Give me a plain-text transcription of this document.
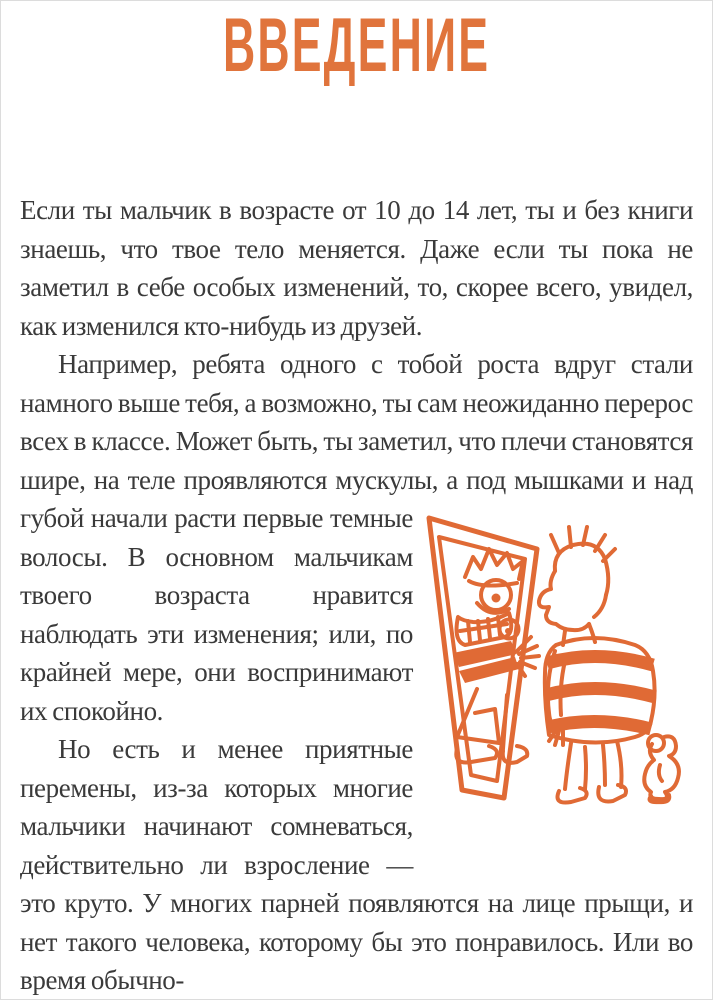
ВВЕДЕНИЕ

Если ты мальчик в возрасте от 10 до 14 лет, ты и без книги знаешь, что твое тело меняется. Даже если ты пока не заметил в себе особых изменений, то, скорее всего, увидел, как изменился кто-нибудь из друзей.

Например, ребята одного с тобой роста вдруг стали намного выше тебя, а возможно, ты сам неожиданно перерос всех в классе. Может быть, ты заметил, что плечи становятся шире, на теле проявляются мускулы, а под мышками и над губой начали расти первые темные волосы. В основном мальчикам твоего возраста нравится наблюдать эти изменения; или, по крайней мере, они воспринимают их спокойно.

Но есть и менее приятные перемены, из-за которых многие мальчики начинают сомневаться, действительно ли взросление — это круто. У многих парней появляются на лице прыщи, и нет такого человека, которому бы это понравилось. Или во время обычно-
